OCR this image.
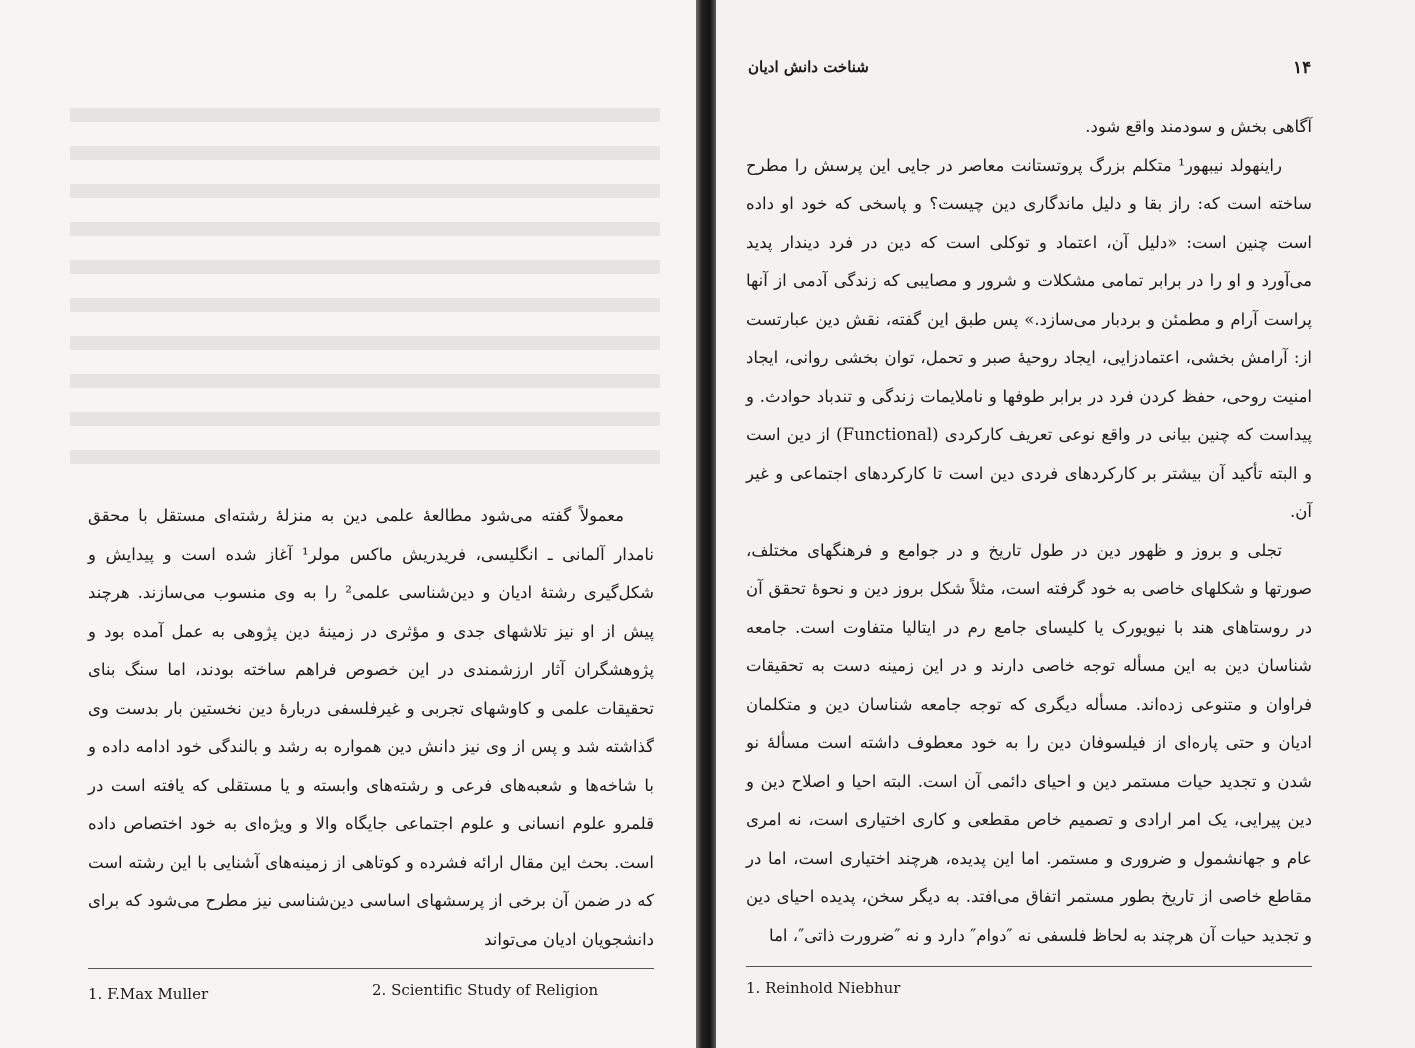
معمولاً گفته می‌شود مطالعهٔ علمی دین به منزلهٔ رشته‌ای مستقل با محقق نامدار آلمانی ـ انگلیسی، فریدریش ماکس مولر¹ آغاز شده است و پیدایش و شکل‌گیری رشتهٔ ادیان و دین‌شناسی علمی² را به وی منسوب می‌سازند. هرچند پیش از او نیز تلاشهای جدی و مؤثری در زمینهٔ دین پژوهی به عمل آمده بود و پژوهشگران آثار ارزشمندی در این خصوص فراهم ساخته بودند، اما سنگ بنای تحقیقات علمی و کاوشهای تجربی و غیرفلسفی دربارهٔ دین نخستین بار بدست وی گذاشته شد و پس از وی نیز دانش دین همواره به رشد و بالندگی خود ادامه داده و با شاخه‌ها و شعبه‌های فرعی و رشته‌های وابسته و یا مستقلی که یافته است در قلمرو علوم انسانی و علوم اجتماعی جایگاه والا و ویژه‌ای به خود اختصاص داده است. بحث این مقال ارائه فشرده و کوتاهی از زمینه‌های آشنایی با این رشته است که در ضمن آن برخی از پرسشهای اساسی دین‌شناسی نیز مطرح می‌شود که برای دانشجویان ادیان می‌تواند

1. F.Max Muller	2. Scientific Study of Religion
شناخت دانش ادیان	۱۴

آگاهی بخش و سودمند واقع شود.

راینهولد نیبهور¹ متکلم بزرگ پروتستانت معاصر در جایی این پرسش را مطرح ساخته است که: راز بقا و دلیل ماندگاری دین چیست؟ و پاسخی که خود او داده است چنین است: «دلیل آن، اعتماد و توکلی است که دین در فرد دیندار پدید می‌آورد و او را در برابر تمامی مشکلات و شرور و مصایبی که زندگی آدمی از آنها پراست آرام و مطمئن و بردبار می‌سازد.» پس طبق این گفته، نقش دین عبارتست از: آرامش بخشی، اعتمادزایی، ایجاد روحیهٔ صبر و تحمل، توان بخشی روانی، ایجاد امنیت روحی، حفظ کردن فرد در برابر طوفها و ناملایمات زندگی و تندباد حوادث. و پیداست که چنین بیانی در واقع نوعی تعریف کارکردی (Functional) از دین است و البته تأکید آن بیشتر بر کارکردهای فردی دین است تا کارکردهای اجتماعی و غیر آن.

تجلی و بروز و ظهور دین در طول تاریخ و در جوامع و فرهنگهای مختلف، صورتها و شکلهای خاصی به خود گرفته است، مثلاً شکل بروز دین و نحوهٔ تحقق آن در روستاهای هند با نیویورک یا کلیسای جامع رم در ایتالیا متفاوت است. جامعه شناسان دین به این مسأله توجه خاصی دارند و در این زمینه دست به تحقیقات فراوان و متنوعی زده‌اند. مسأله دیگری که توجه جامعه شناسان دین و متکلمان ادیان و حتی پاره‌ای از فیلسوفان دین را به خود معطوف داشته است مسألهٔ نو شدن و تجدید حیات مستمر دین و احیای دائمی آن است. البته احیا و اصلاح دین و دین پیرایی، یک امر ارادی و تصمیم خاص مقطعی و کاری اختیاری است، نه امری عام و جهانشمول و ضروری و مستمر. اما این پدیده، هرچند اختیاری است، اما در مقاطع خاصی از تاریخ بطور مستمر اتفاق می‌افتد. به دیگر سخن، پدیده احیای دین و تجدید حیات آن هرچند به لحاظ فلسفی نه ″دوام″ دارد و نه ″ضرورت ذاتی″، اما

1. Reinhold Niebhur
